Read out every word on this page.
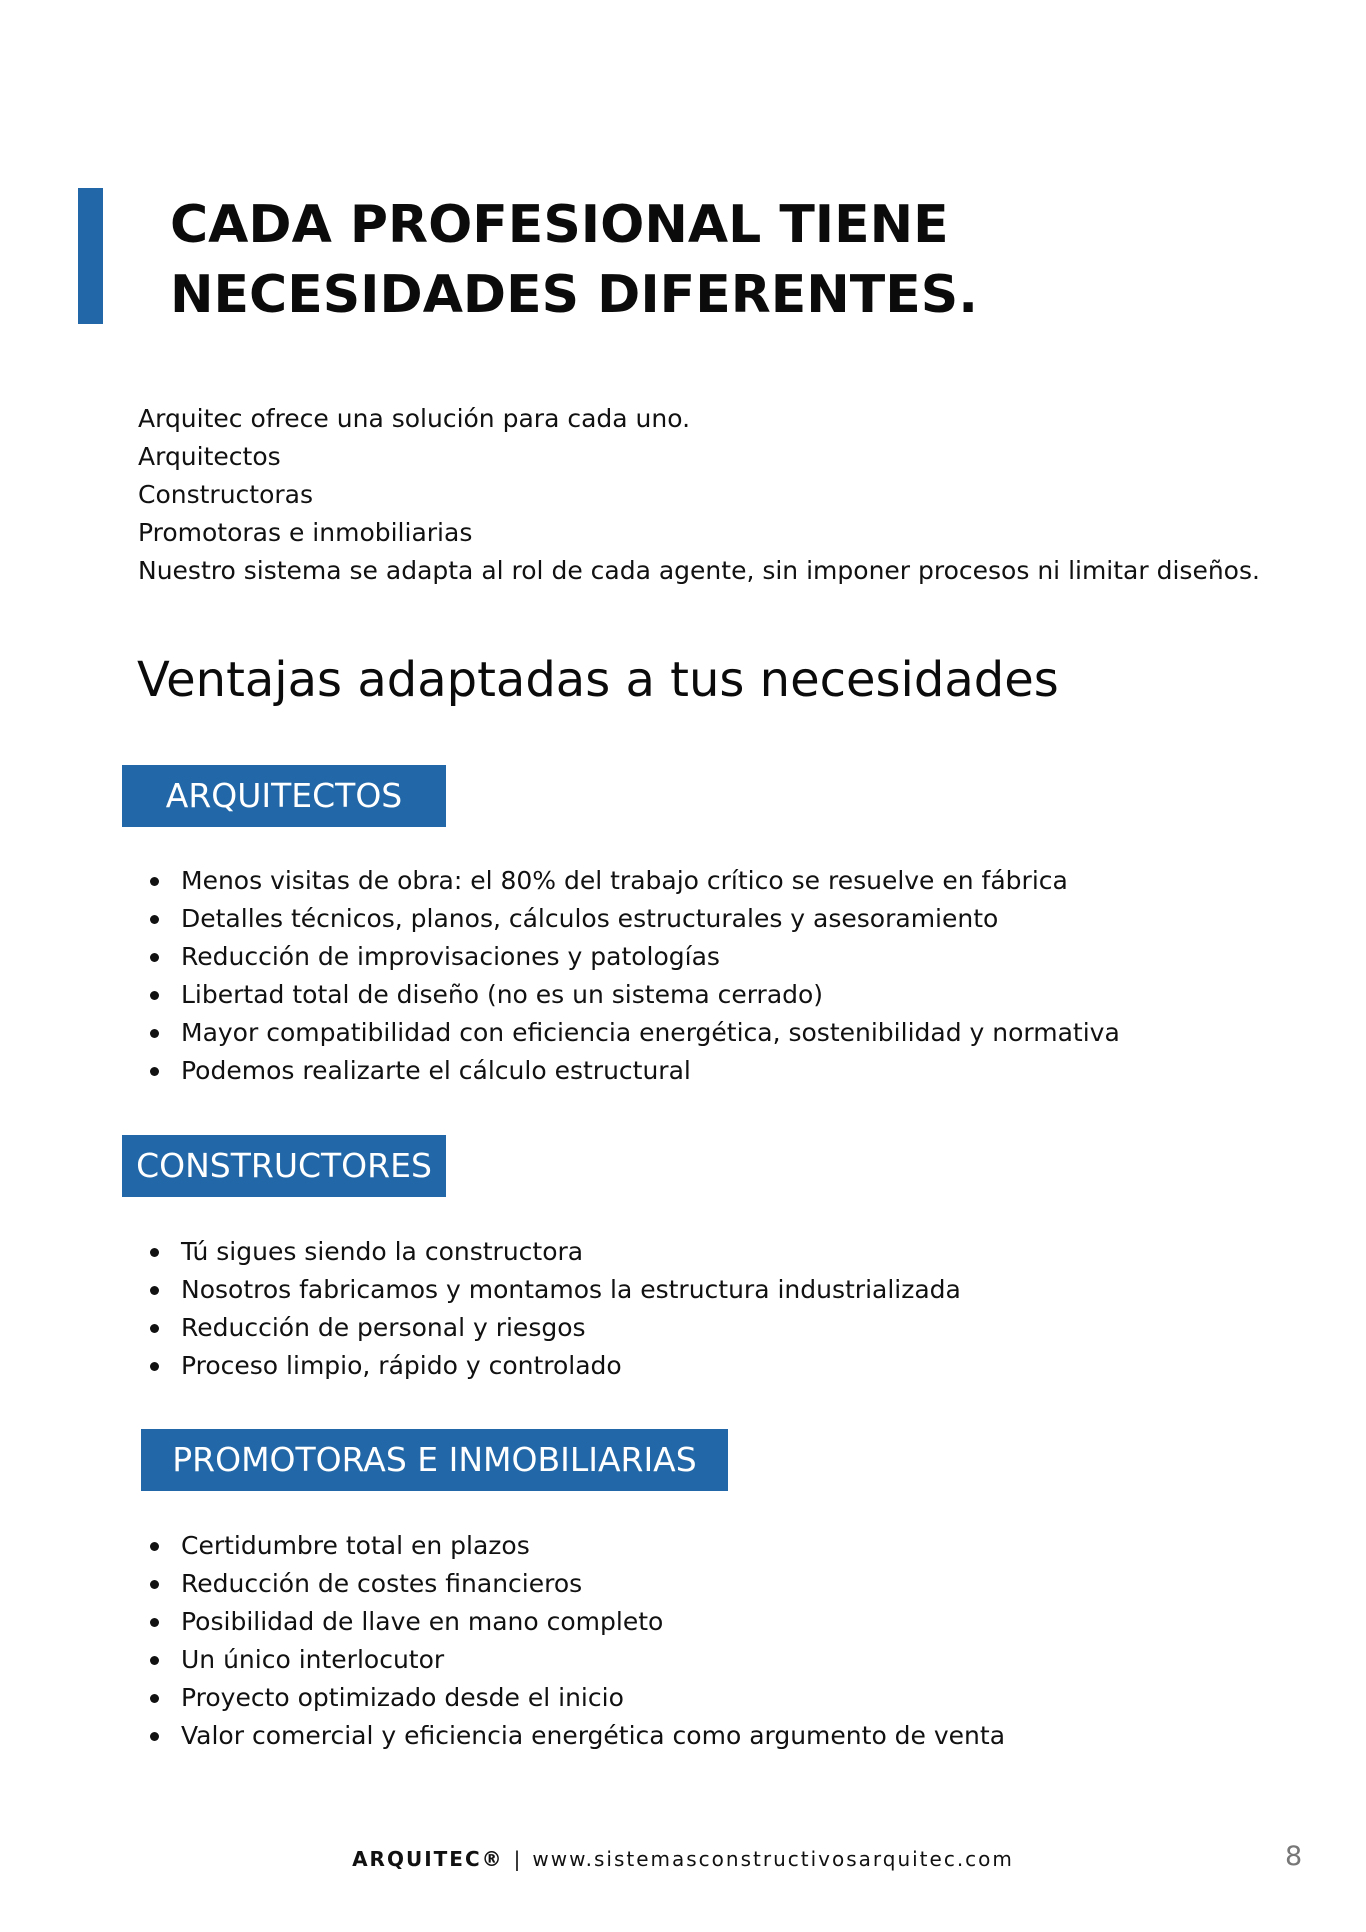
CADA PROFESIONAL TIENE
NECESIDADES DIFERENTES.
Arquitec ofrece una solución para cada uno.
Arquitectos
Constructoras
Promotoras e inmobiliarias
Nuestro sistema se adapta al rol de cada agente, sin imponer procesos ni limitar diseños.
Ventajas adaptadas a tus necesidades
ARQUITECTOS
Menos visitas de obra: el 80% del trabajo crítico se resuelve en fábrica
Detalles técnicos, planos, cálculos estructurales y asesoramiento
Reducción de improvisaciones y patologías
Libertad total de diseño (no es un sistema cerrado)
Mayor compatibilidad con eficiencia energética, sostenibilidad y normativa
Podemos realizarte el cálculo estructural
CONSTRUCTORES
Tú sigues siendo la constructora
Nosotros fabricamos y montamos la estructura industrializada
Reducción de personal y riesgos
Proceso limpio, rápido y controlado
PROMOTORAS E INMOBILIARIAS
Certidumbre total en plazos
Reducción de costes financieros
Posibilidad de llave en mano completo
Un único interlocutor
Proyecto optimizado desde el inicio
Valor comercial y eficiencia energética como argumento de venta
ARQUITEC® | www.sistemasconstructivosarquitec.com	8
